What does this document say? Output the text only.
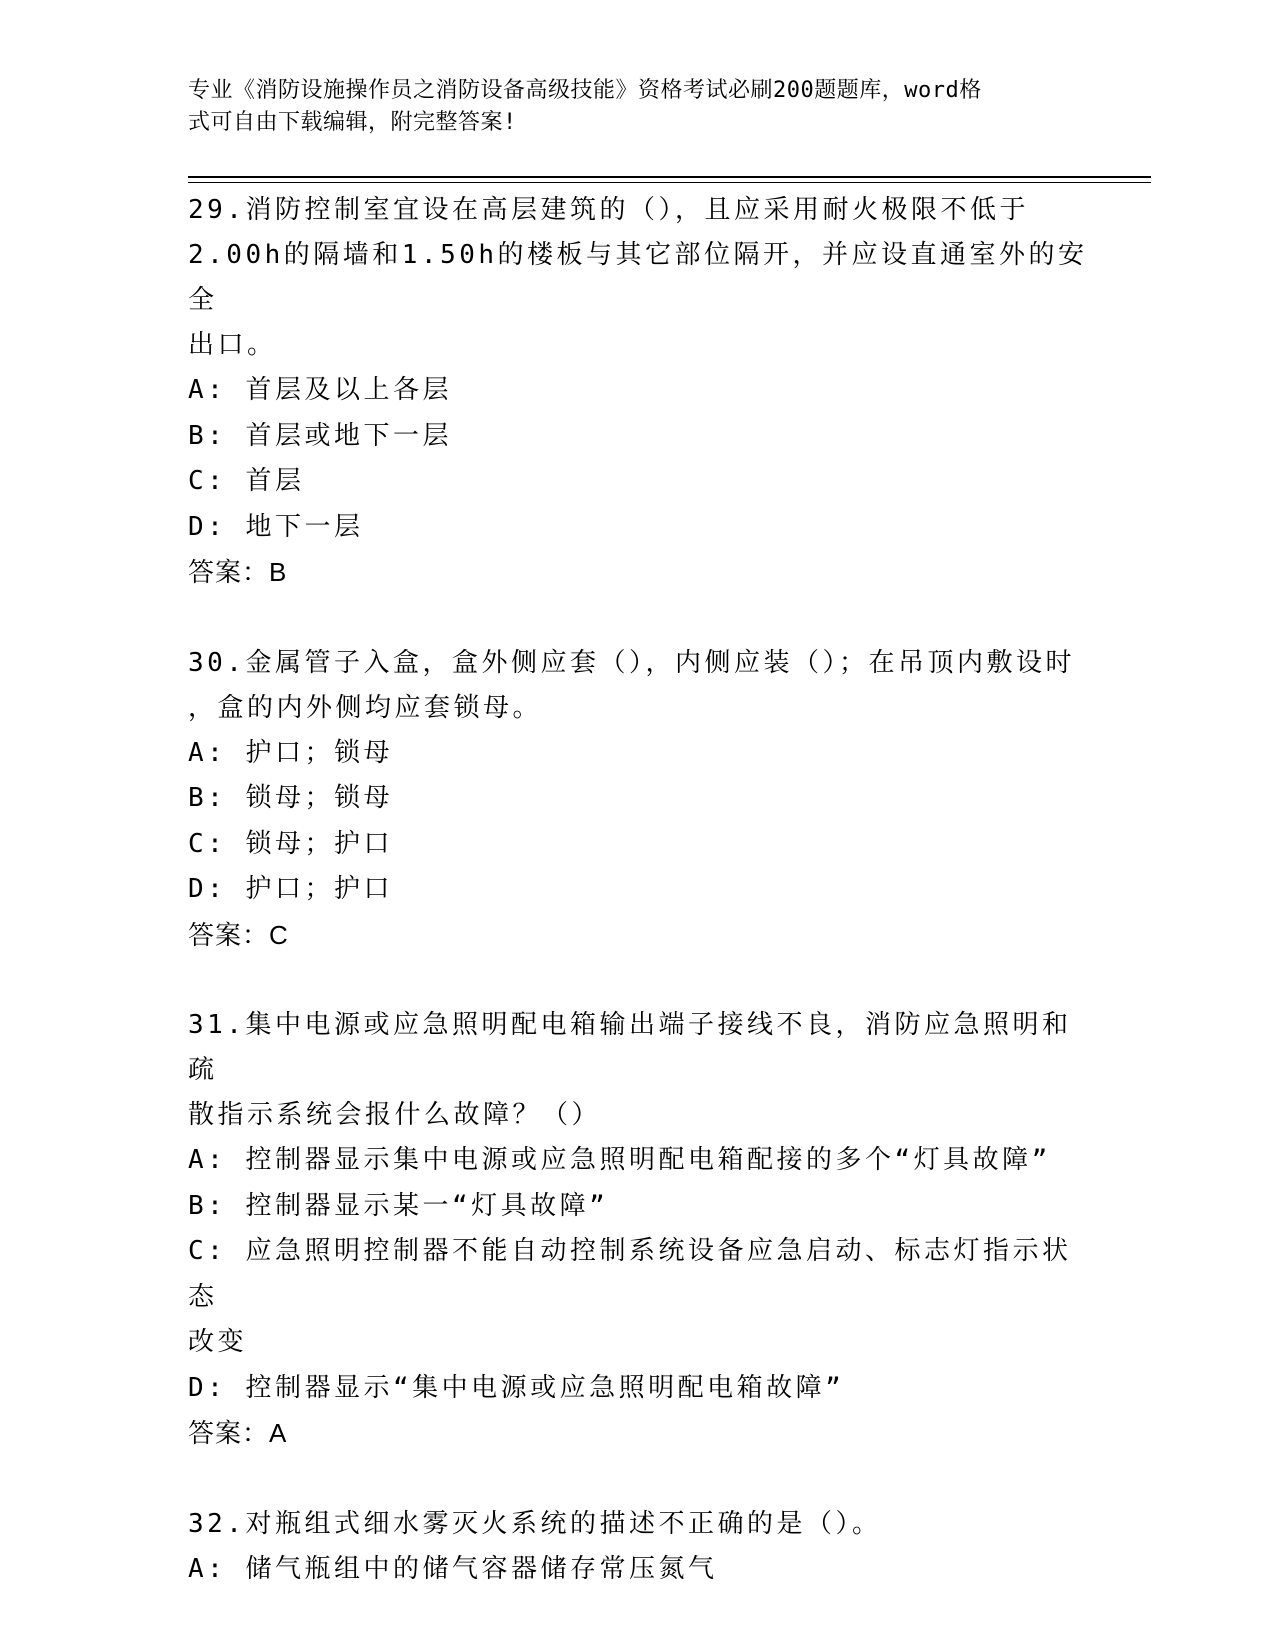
专业《消防设施操作员之消防设备高级技能》资格考试必刷200题题库，word格
式可自由下载编辑，附完整答案!
29.消防控制室宜设在高层建筑的（），且应采用耐火极限不低于
2.00h的隔墙和1.50h的楼板与其它部位隔开，并应设直通室外的安全
出口。
A: 首层及以上各层
B: 首层或地下一层
C: 首层
D: 地下一层
答案：B
30.金属管子入盒，盒外侧应套（），内侧应装（）；在吊顶内敷设时
，盒的内外侧均应套锁母。
A: 护口；锁母
B: 锁母；锁母
C: 锁母；护口
D: 护口；护口
答案：C
31.集中电源或应急照明配电箱输出端子接线不良，消防应急照明和疏
散指示系统会报什么故障？（）
A: 控制器显示集中电源或应急照明配电箱配接的多个“灯具故障”
B: 控制器显示某一“灯具故障”
C: 应急照明控制器不能自动控制系统设备应急启动、标志灯指示状态
改变
D: 控制器显示“集中电源或应急照明配电箱故障”
答案：A
32.对瓶组式细水雾灭火系统的描述不正确的是（）。
A: 储气瓶组中的储气容器储存常压氮气
